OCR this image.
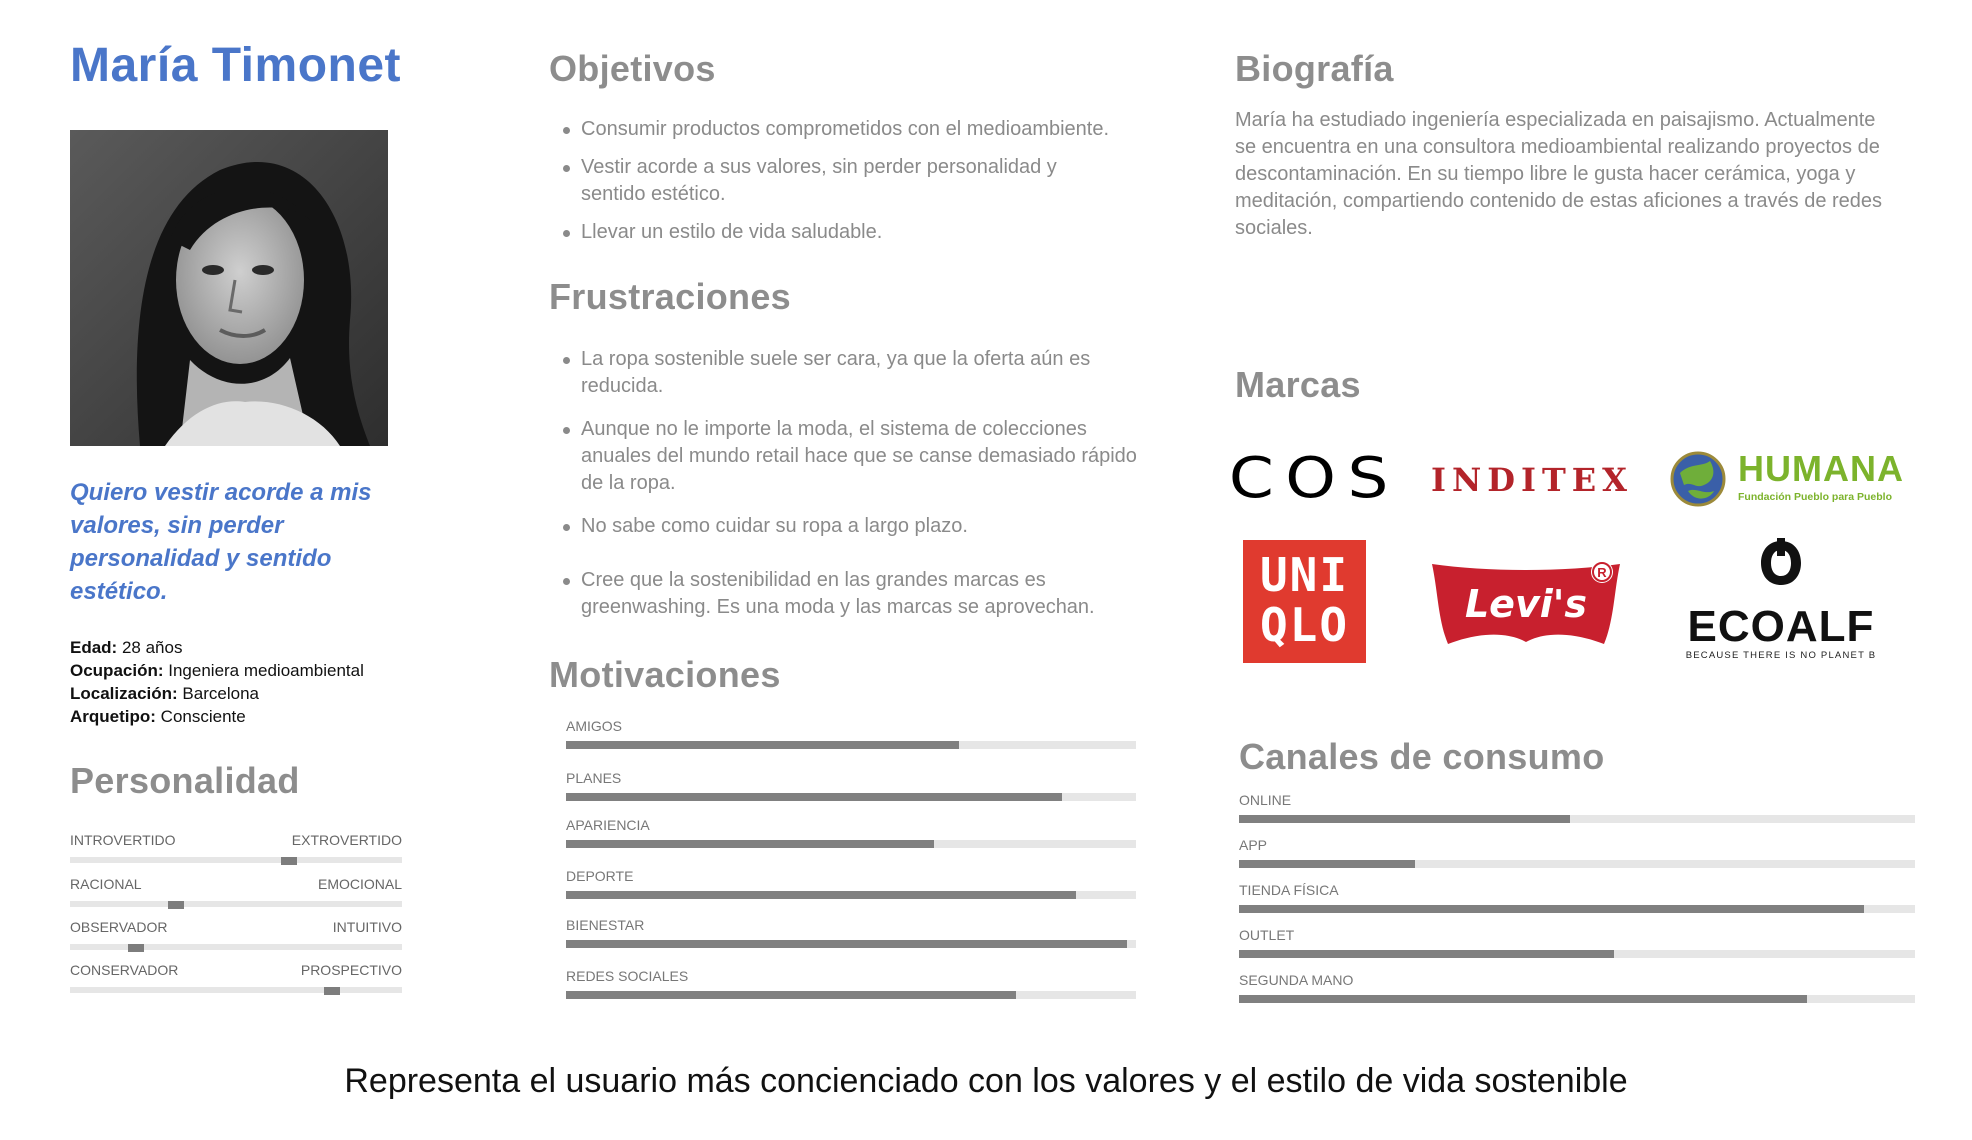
María Timonet
Quiero vestir acorde a mis valores, sin perder personalidad y sentido estético.
Edad: 28 años
Ocupación: Ingeniera medioambiental
Localización: Barcelona
Arquetipo: Consciente
Personalidad
INTROVERTIDO	EXTROVERTIDO
RACIONAL	EMOCIONAL
OBSERVADOR	INTUITIVO
CONSERVADOR	PROSPECTIVO
Objetivos
Consumir productos comprometidos con el medioambiente.
Vestir acorde a sus valores, sin perder personalidad y sentido estético.
Llevar un estilo de vida saludable.
Frustraciones
La ropa sostenible suele ser cara, ya que la oferta aún es reducida.
Aunque no le importe la moda, el sistema de colecciones anuales del mundo retail hace que se canse demasiado rápido de la ropa.
No sabe como cuidar su ropa a largo plazo.
Cree que la sostenibilidad en las grandes marcas es greenwashing. Es una moda y las marcas se aprovechan.
Motivaciones
AMIGOS
PLANES
APARIENCIA
DEPORTE
BIENESTAR
REDES SOCIALES
Biografía
María ha estudiado ingeniería especializada en paisajismo. Actualmente se encuentra en una consultora medioambiental realizando proyectos de descontaminación. En su tiempo libre le gusta hacer cerámica, yoga y meditación, compartiendo contenido de estas aficiones a través de redes sociales.
Marcas
COS INDITEX	HUMANA
Fundación Pueblo para Pueblo
UNI
QLO
R
Levi's	ECOALF
BECAUSE THERE IS NO PLANET B
Canales de consumo
ONLINE
APP
TIENDA FÍSICA
OUTLET
SEGUNDA MANO
Representa el usuario más concienciado con los valores y el estilo de vida sostenible
